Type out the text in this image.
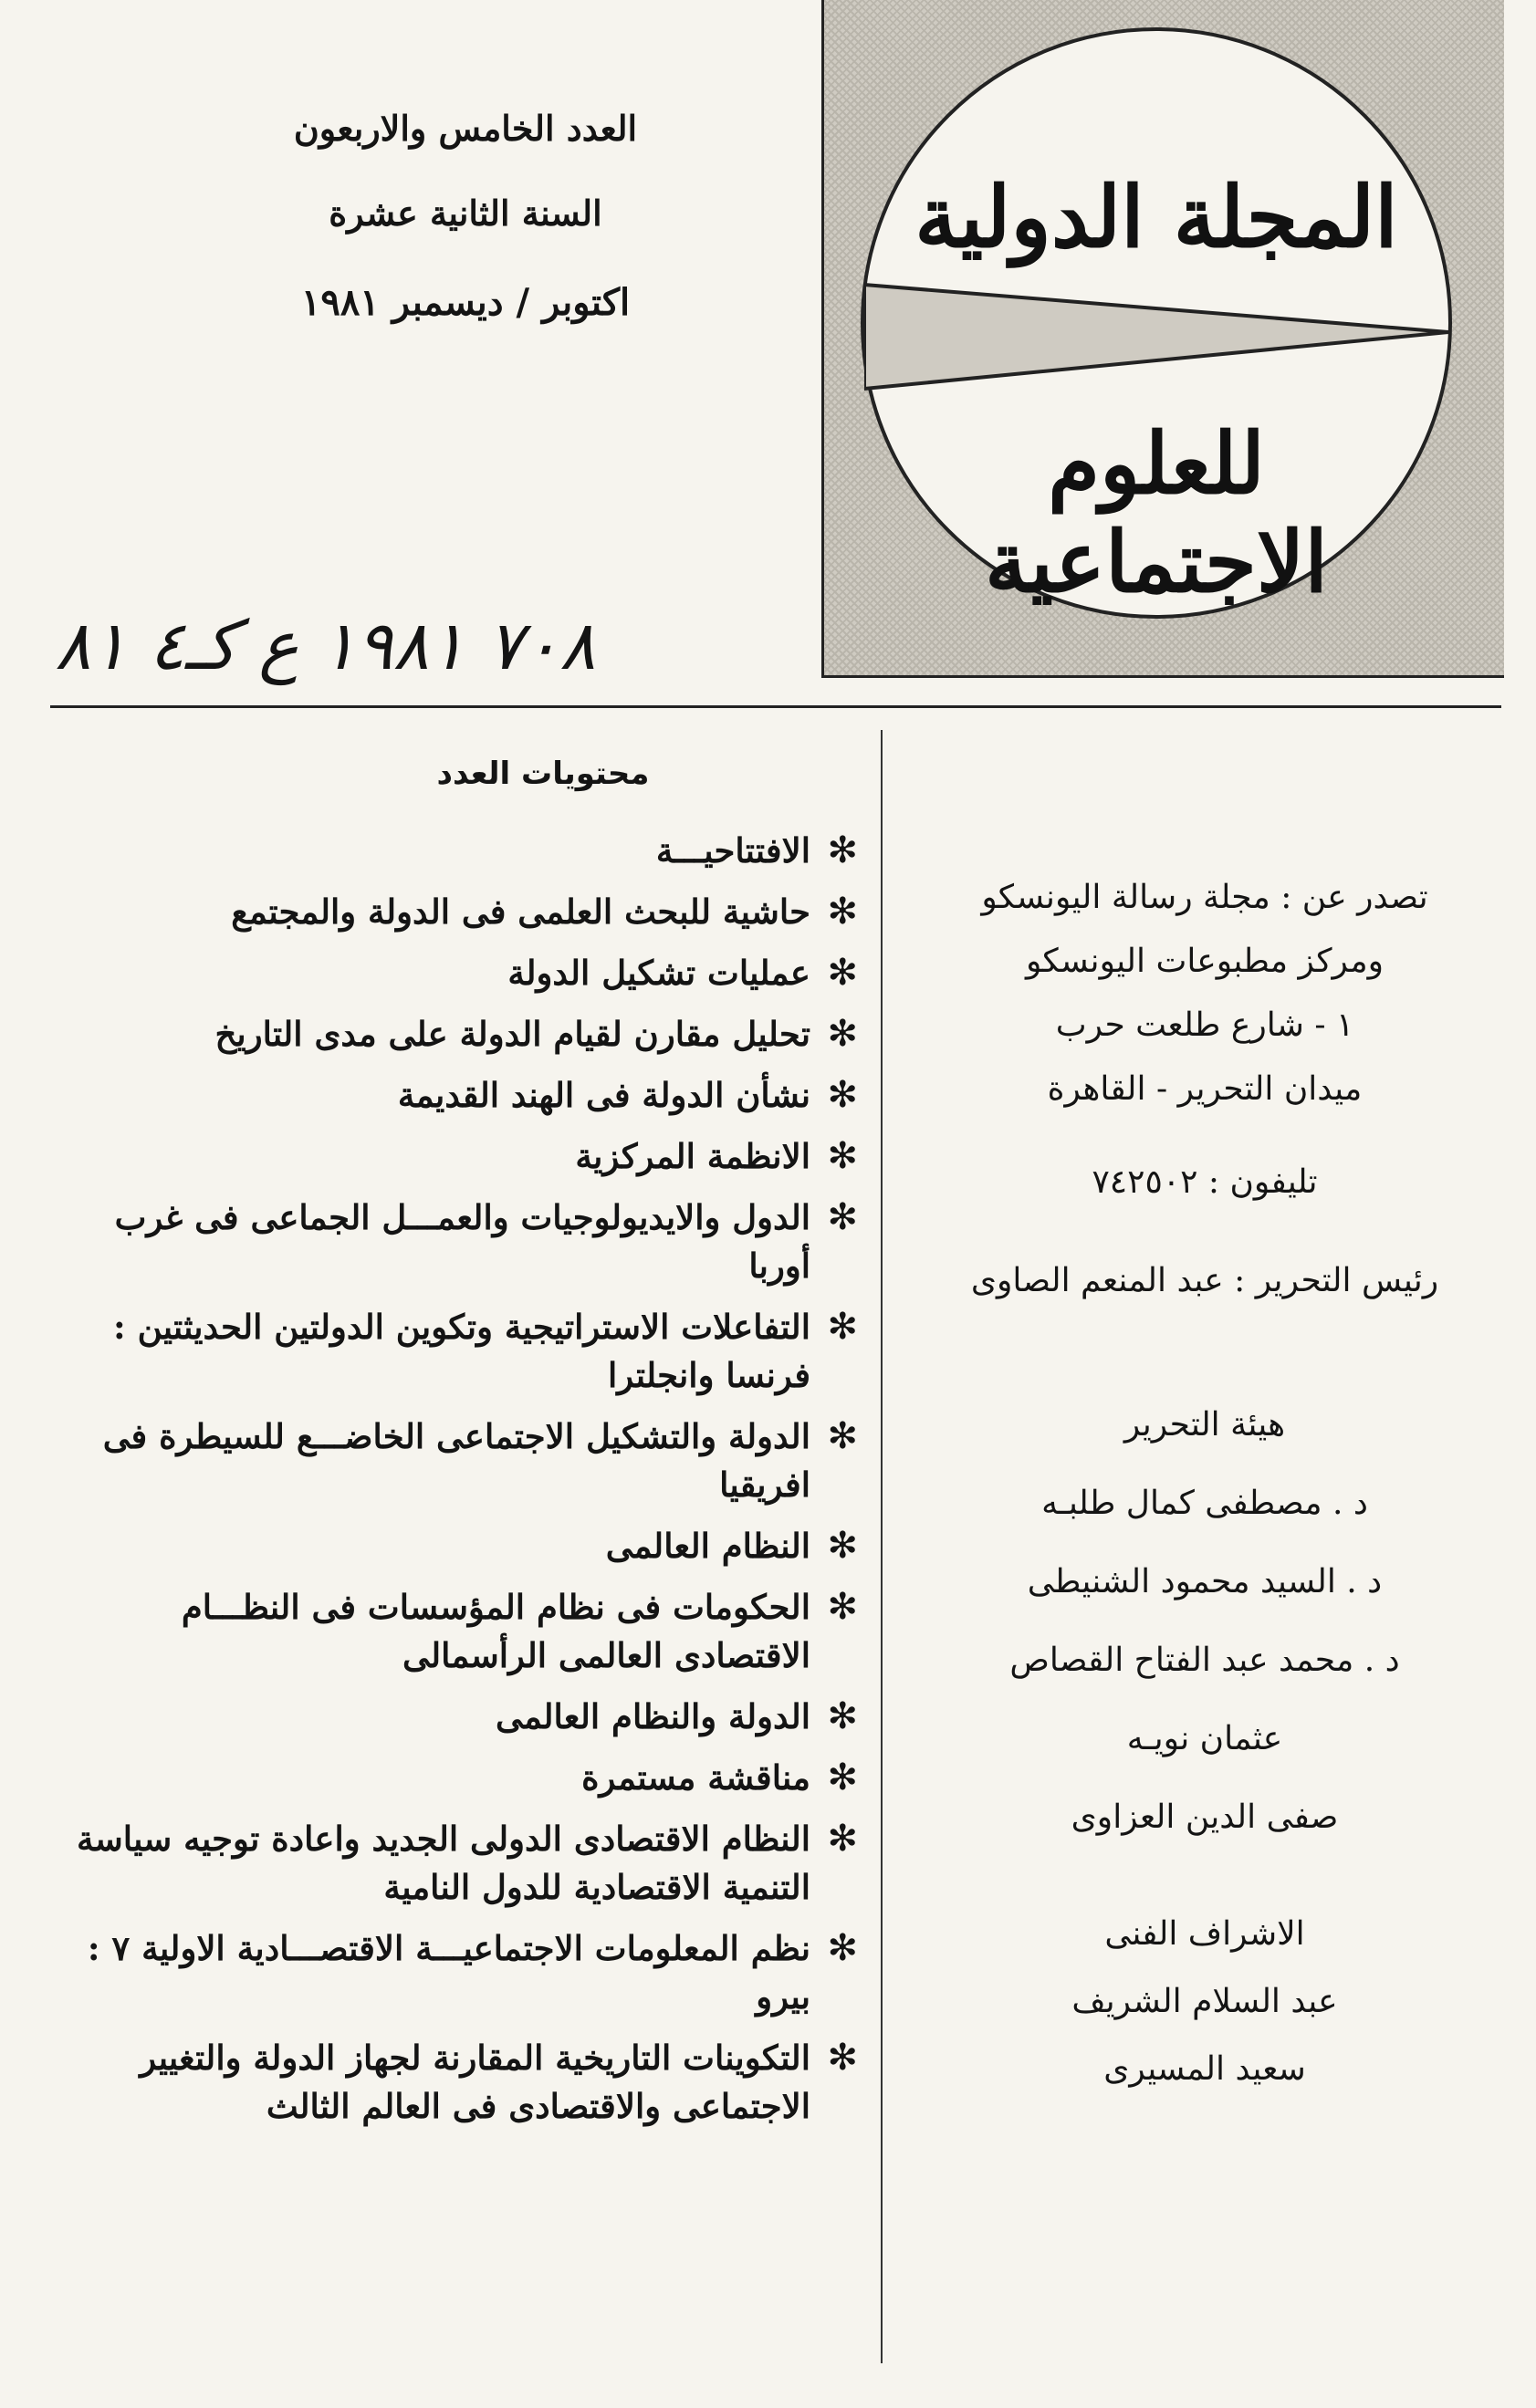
المجلة الدولية
للعلوم الاجتماعية
العدد الخامس والاربعون
السنة الثانية عشرة
اكتوبر / ديسمبر ١٩٨١
٧٠٨ ١٩٨١ ع كـ٤ ٨١
محتويات العدد
✻
الافتتاحيـــة
✻
حاشية للبحث العلمى فى الدولة والمجتمع
✻
عمليات تشكيل الدولة
✻
تحليل مقارن لقيام الدولة على مدى التاريخ
✻
نشأن الدولة فى الهند القديمة
✻
الانظمة المركزية
✻
الدول والايديولوجيات والعمـــل الجماعى فى غرب أوربا
✻
التفاعلات الاستراتيجية وتكوين الدولتين الحديثتين : فرنسا وانجلترا
✻
الدولة والتشكيل الاجتماعى الخاضـــع للسيطرة فى افريقيا
✻
النظام العالمى
✻
الحكومات فى نظام المؤسسات فى النظـــام الاقتصادى العالمى الرأسمالى
✻
الدولة والنظام العالمى
✻
مناقشة مستمرة
✻
النظام الاقتصادى الدولى الجديد واعادة توجيه سياسة التنمية الاقتصادية للدول النامية
✻
نظم المعلومات الاجتماعيـــة الاقتصـــادية الاولية ٧ : بيرو
✻
التكوينات التاريخية المقارنة لجهاز الدولة والتغيير الاجتماعى والاقتصادى فى العالم الثالث
تصدر عن : مجلة رسالة اليونسكو
ومركز مطبوعات اليونسكو
١ - شارع طلعت حرب
ميدان التحرير - القاهرة
تليفون : ٧٤٢٥٠٢
رئيس التحرير : عبد المنعم الصاوى
هيئة التحرير
د . مصطفى كمال طلبـه
د . السيد محمود الشنيطى
د . محمد عبد الفتاح القصاص
عثمان نويـه
صفى الدين العزاوى
الاشراف الفنى
عبد السلام الشريف
سعيد المسيرى
